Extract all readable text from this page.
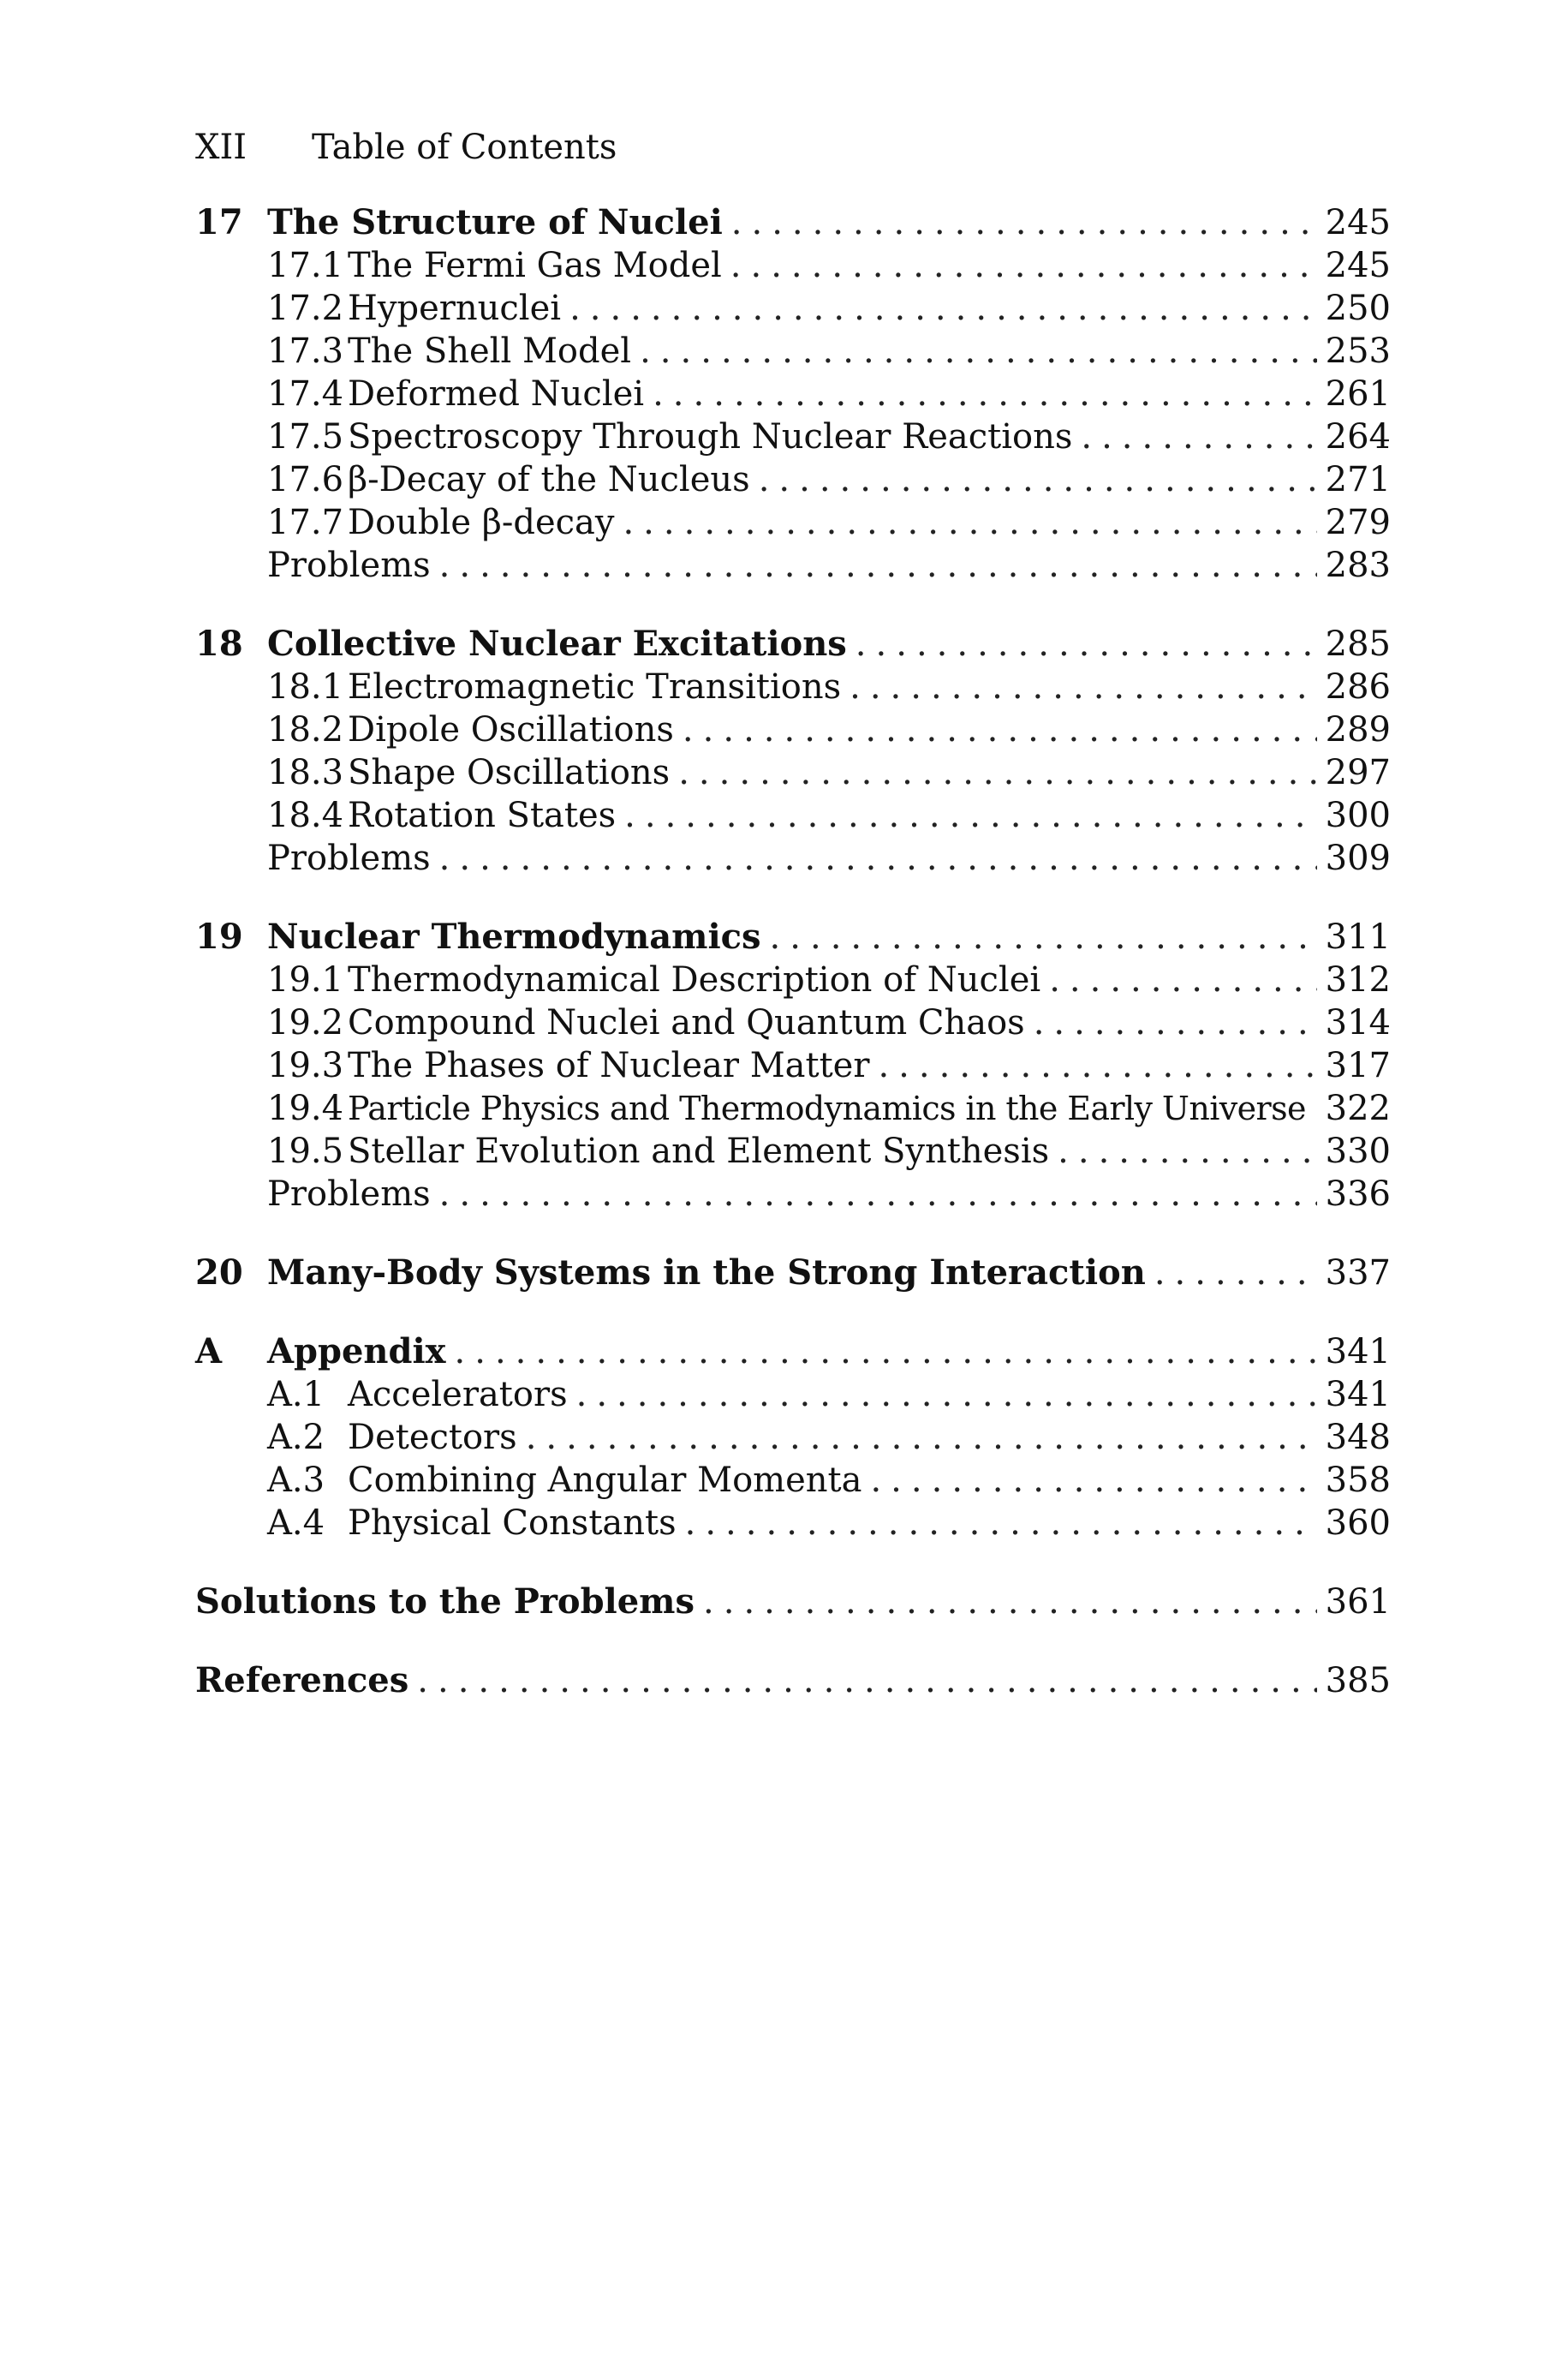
XII Table of Contents
17 The Structure of Nuclei .....	245
17.1 The Fermi Gas Model .....	245
17.2 Hypernuclei .....	250
17.3 The Shell Model .....	253
17.4 Deformed Nuclei .....	261
17.5 Spectroscopy Through Nuclear Reactions .....	264
17.6 β-Decay of the Nucleus .....	271
17.7 Double β-decay .....	279
Problems .....	283
18 Collective Nuclear Excitations .....	285
18.1 Electromagnetic Transitions .....	286
18.2 Dipole Oscillations .....	289
18.3 Shape Oscillations .....	297
18.4 Rotation States .....	300
Problems .....	309
19 Nuclear Thermodynamics .....	311
19.1 Thermodynamical Description of Nuclei .....	312
19.2 Compound Nuclei and Quantum Chaos .....	314
19.3 The Phases of Nuclear Matter .....	317
19.4 Particle Physics and Thermodynamics in the Early Universe ..... 322
19.5 Stellar Evolution and Element Synthesis .....	330
Problems .....	336
20 Many-Body Systems in the Strong Interaction .....	337
A	Appendix .....	341
A.1 Accelerators .....	341
A.2 Detectors .....	348
A.3 Combining Angular Momenta .....	358
A.4 Physical Constants .....	360
Solutions to the Problems .....	361
References .....	385
